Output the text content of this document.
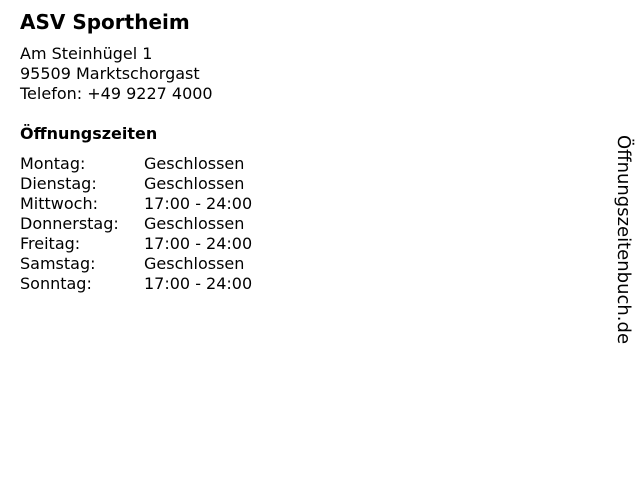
ASV Sportheim
Am Steinhügel 1
95509 Marktschorgast
Telefon: +49 9227 4000
Öffnungszeiten
Montag:	Geschlossen
Dienstag:	Geschlossen
Mittwoch:	17:00 - 24:00
Donnerstag:	Geschlossen
Freitag:	17:00 - 24:00
Samstag:	Geschlossen
Sonntag:	17:00 - 24:00	Öffnungszeitenbuch.de
